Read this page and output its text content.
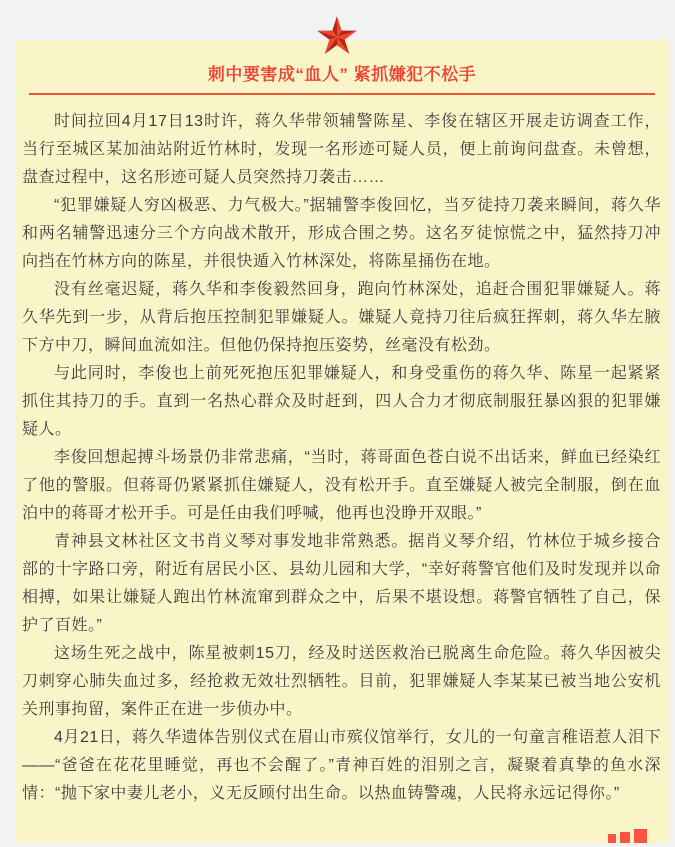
刺中要害成“血人” 紧抓嫌犯不松手

时间拉回4月17日13时许，蒋久华带领辅警陈星、李俊在辖区开展走访调查工作，当行至城区某加油站附近竹林时，发现一名形迹可疑人员，便上前询问盘查。未曾想，盘查过程中，这名形迹可疑人员突然持刀袭击……

“犯罪嫌疑人穷凶极恶、力气极大。”据辅警李俊回忆，当歹徒持刀袭来瞬间，蒋久华和两名辅警迅速分三个方向战术散开，形成合围之势。这名歹徒惊慌之中，猛然持刀冲向挡在竹林方向的陈星，并很快遁入竹林深处，将陈星捅伤在地。

没有丝毫迟疑，蒋久华和李俊毅然回身，跑向竹林深处，追赶合围犯罪嫌疑人。蒋久华先到一步，从背后抱压控制犯罪嫌疑人。嫌疑人竟持刀往后疯狂挥刺，蒋久华左腋下方中刀，瞬间血流如注。但他仍保持抱压姿势，丝毫没有松劲。

与此同时，李俊也上前死死抱压犯罪嫌疑人，和身受重伤的蒋久华、陈星一起紧紧抓住其持刀的手。直到一名热心群众及时赶到，四人合力才彻底制服狂暴凶狠的犯罪嫌疑人。

李俊回想起搏斗场景仍非常悲痛，“当时，蒋哥面色苍白说不出话来，鲜血已经染红了他的警服。但蒋哥仍紧紧抓住嫌疑人，没有松开手。直至嫌疑人被完全制服，倒在血泊中的蒋哥才松开手。可是任由我们呼喊，他再也没睁开双眼。”

青神县文林社区文书肖义琴对事发地非常熟悉。据肖义琴介绍，竹林位于城乡接合部的十字路口旁，附近有居民小区、县幼儿园和大学，“幸好蒋警官他们及时发现并以命相搏，如果让嫌疑人跑出竹林流窜到群众之中，后果不堪设想。蒋警官牺牲了自己，保护了百姓。”

这场生死之战中，陈星被刺15刀，经及时送医救治已脱离生命危险。蒋久华因被尖刀刺穿心肺失血过多，经抢救无效壮烈牺牲。目前，犯罪嫌疑人李某某已被当地公安机关刑事拘留，案件正在进一步侦办中。

4月21日，蒋久华遗体告别仪式在眉山市殡仪馆举行，女儿的一句童言稚语惹人泪下——“爸爸在花花里睡觉，再也不会醒了。”青神百姓的泪别之言，凝聚着真挚的鱼水深情：“抛下家中妻儿老小，义无反顾付出生命。以热血铸警魂，人民将永远记得你。”
